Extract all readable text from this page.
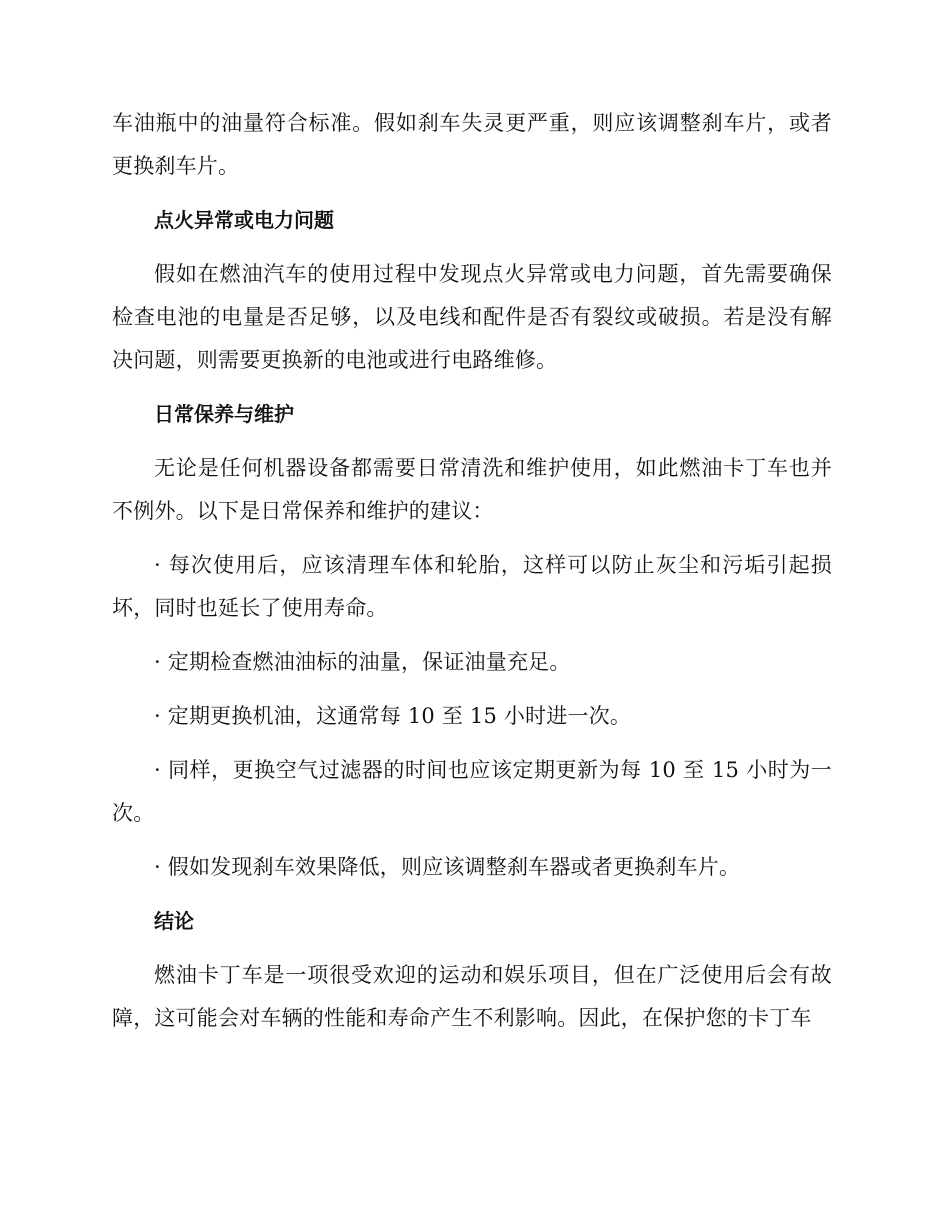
车油瓶中的油量符合标准。假如刹车失灵更严重，则应该调整刹车片，或者更换刹车片。

点火异常或电力问题

假如在燃油汽车的使用过程中发现点火异常或电力问题，首先需要确保检查电池的电量是否足够，以及电线和配件是否有裂纹或破损。若是没有解决问题，则需要更换新的电池或进行电路维修。

日常保养与维护

无论是任何机器设备都需要日常清洗和维护使用，如此燃油卡丁车也并不例外。以下是日常保养和维护的建议：

· 每次使用后，应该清理车体和轮胎，这样可以防止灰尘和污垢引起损坏，同时也延长了使用寿命。

· 定期检查燃油油标的油量，保证油量充足。

· 定期更换机油，这通常每 10 至 15 小时进一次。

· 同样，更换空气过滤器的时间也应该定期更新为每 10 至 15 小时为一次。

· 假如发现刹车效果降低，则应该调整刹车器或者更换刹车片。

结论

燃油卡丁车是一项很受欢迎的运动和娱乐项目，但在广泛使用后会有故障，这可能会对车辆的性能和寿命产生不利影响。因此，在保护您的卡丁车
